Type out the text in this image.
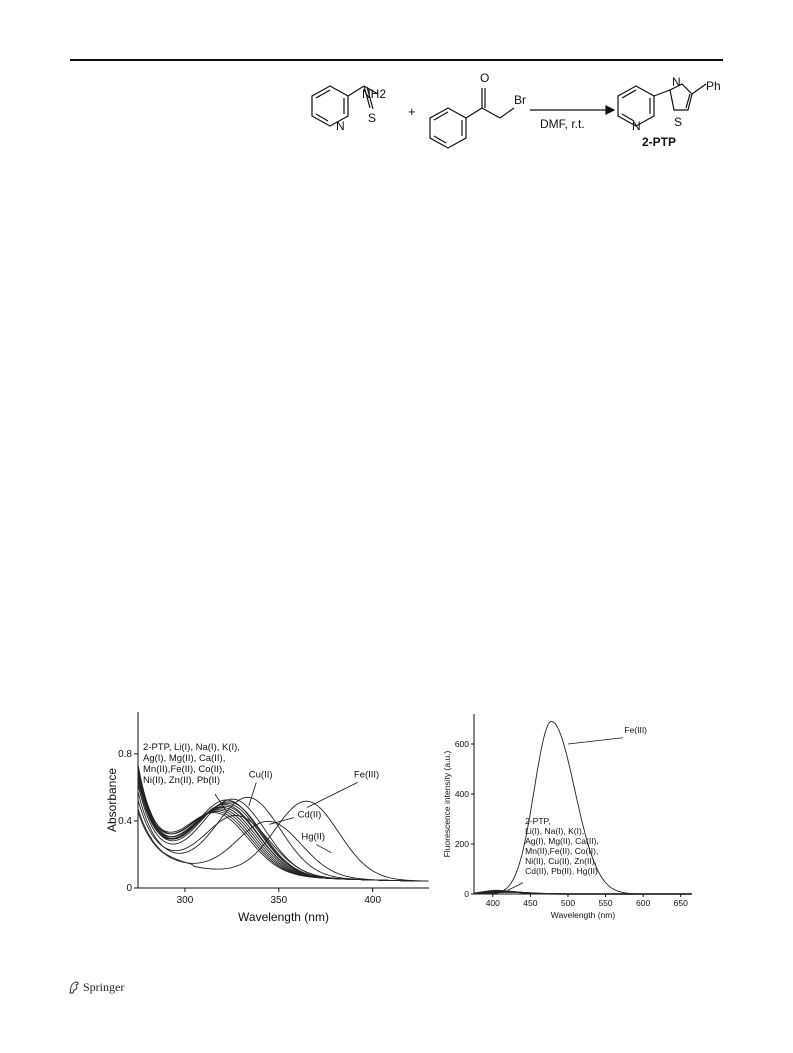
NH2
N
S +
O
Br
DMF, r.t.	N
N
S
Ph
2-PTP
300	350	400
0
0.4
0.8
Wavelength (nm)
Absorbance
2-PTP, Li(I), Na(I), K(I),
Ag(I), Mg(II), Ca(II),
Mn(II),Fe(II), Co(II),
Ni(II), Zn(II), Pb(II)
Cu(II)	Fe(III)
Cd(II)
Hg(II)
400	450	500	550	600	650
0
200
400
600
Wavelength (nm)
Fluorescence intensity (a.u.)
Fe(III)
2-PTP,
Li(I), Na(I), K(I),
Ag(I), Mg(II), Ca(II),
Mn(II),Fe(II), Co(II),
Ni(II), Cu(II), Zn(II),
Cd(II), Pb(II), Hg(II)
Springer
